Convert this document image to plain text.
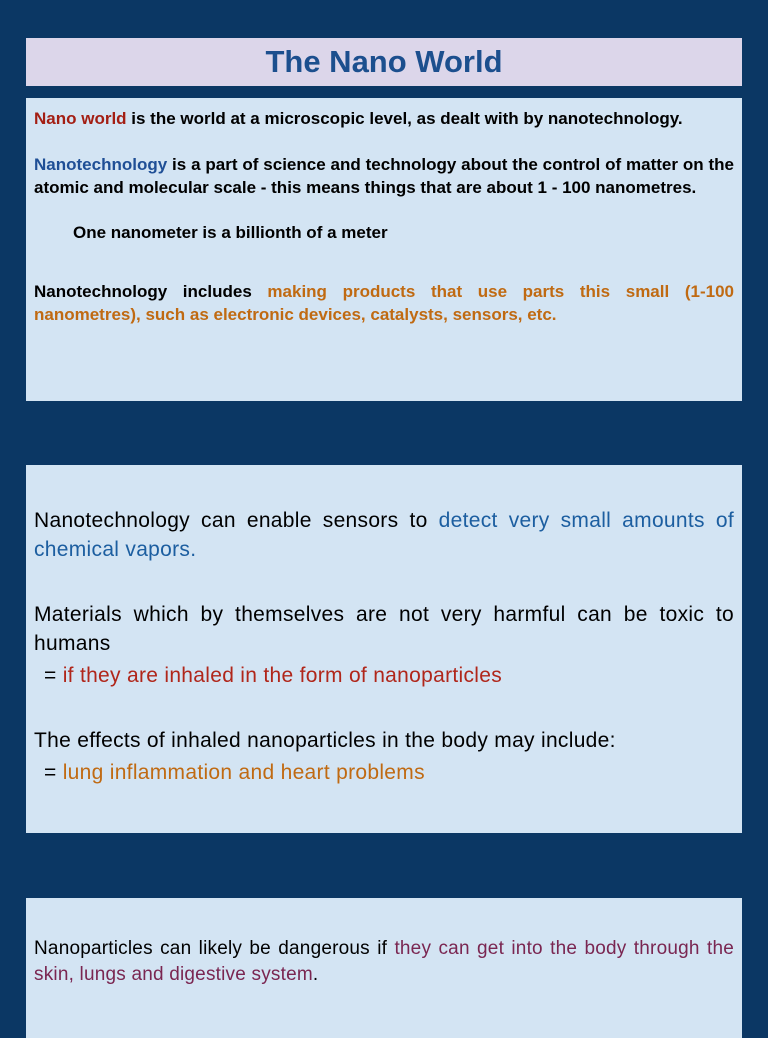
The Nano World

Nano world is the world at a microscopic level, as dealt with by nanotechnology.

Nanotechnology is a part of science and technology about the control of matter on the atomic and molecular scale - this means things that are about 1 - 100 nanometres.

One nanometer is a billionth of a meter

Nanotechnology includes making products that use parts this small (1-100 nanometres), such as electronic devices, catalysts, sensors, etc.

Nanotechnology can enable sensors to detect very small amounts of chemical vapors.

Materials which by themselves are not very harmful can be toxic to humans

= if they are inhaled in the form of nanoparticles

The effects of inhaled nanoparticles in the body may include:

= lung inflammation and heart problems

Nanoparticles can likely be dangerous if they can get into the body through the skin, lungs and digestive system.
